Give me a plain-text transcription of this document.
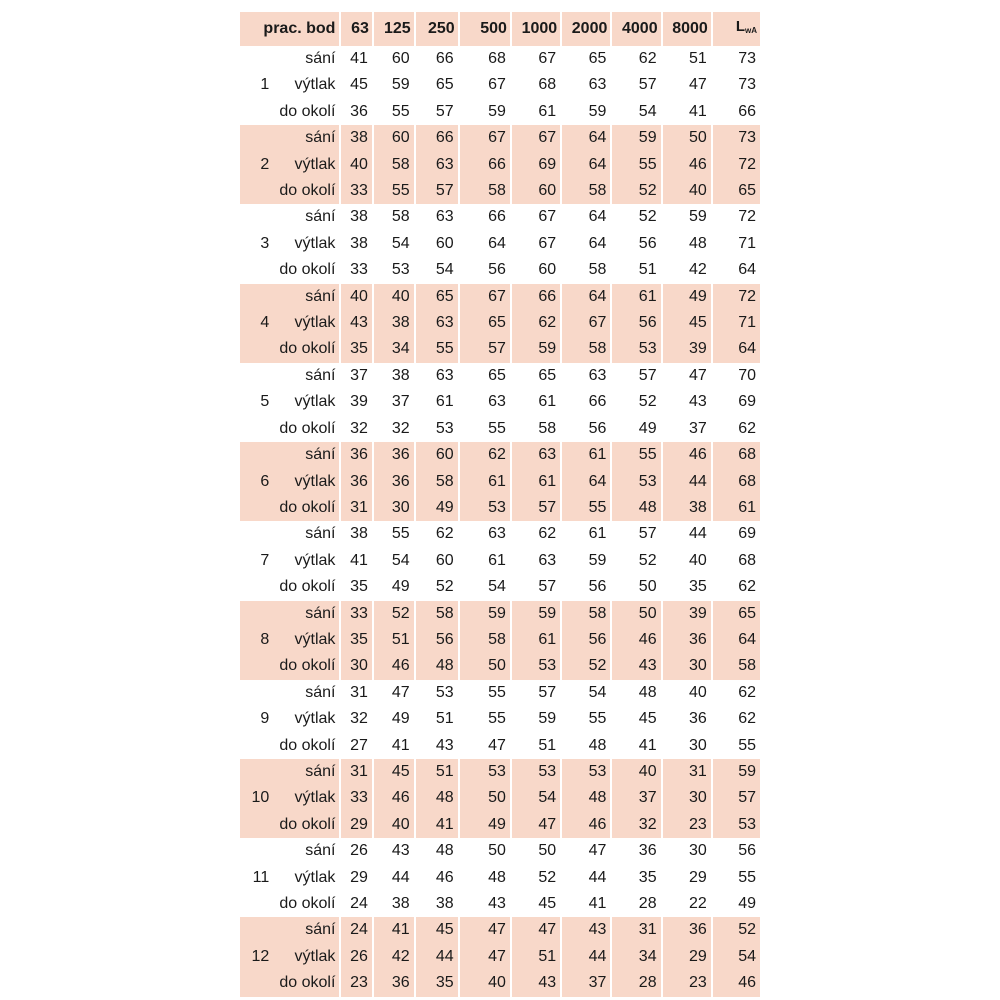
prac. bod		63	125	250	500	1000	2000	4000	8000	LwA
1	sání	41	60	66	68	67	65	62	51	73
	výtlak	45	59	65	67	68	63	57	47	73
	do okolí	36	55	57	59	61	59	54	41	66
2	sání	38	60	66	67	67	64	59	50	73
	výtlak	40	58	63	66	69	64	55	46	72
	do okolí	33	55	57	58	60	58	52	40	65
3	sání	38	58	63	66	67	64	52	59	72
	výtlak	38	54	60	64	67	64	56	48	71
	do okolí	33	53	54	56	60	58	51	42	64
4	sání	40	40	65	67	66	64	61	49	72
	výtlak	43	38	63	65	62	67	56	45	71
	do okolí	35	34	55	57	59	58	53	39	64
5	sání	37	38	63	65	65	63	57	47	70
	výtlak	39	37	61	63	61	66	52	43	69
	do okolí	32	32	53	55	58	56	49	37	62
6	sání	36	36	60	62	63	61	55	46	68
	výtlak	36	36	58	61	61	64	53	44	68
	do okolí	31	30	49	53	57	55	48	38	61
7	sání	38	55	62	63	62	61	57	44	69
	výtlak	41	54	60	61	63	59	52	40	68
	do okolí	35	49	52	54	57	56	50	35	62
8	sání	33	52	58	59	59	58	50	39	65
	výtlak	35	51	56	58	61	56	46	36	64
	do okolí	30	46	48	50	53	52	43	30	58
9	sání	31	47	53	55	57	54	48	40	62
	výtlak	32	49	51	55	59	55	45	36	62
	do okolí	27	41	43	47	51	48	41	30	55
10	sání	31	45	51	53	53	53	40	31	59
	výtlak	33	46	48	50	54	48	37	30	57
	do okolí	29	40	41	49	47	46	32	23	53
11	sání	26	43	48	50	50	47	36	30	56
	výtlak	29	44	46	48	52	44	35	29	55
	do okolí	24	38	38	43	45	41	28	22	49
12	sání	24	41	45	47	47	43	31	36	52
	výtlak	26	42	44	47	51	44	34	29	54
	do okolí	23	36	35	40	43	37	28	23	46
